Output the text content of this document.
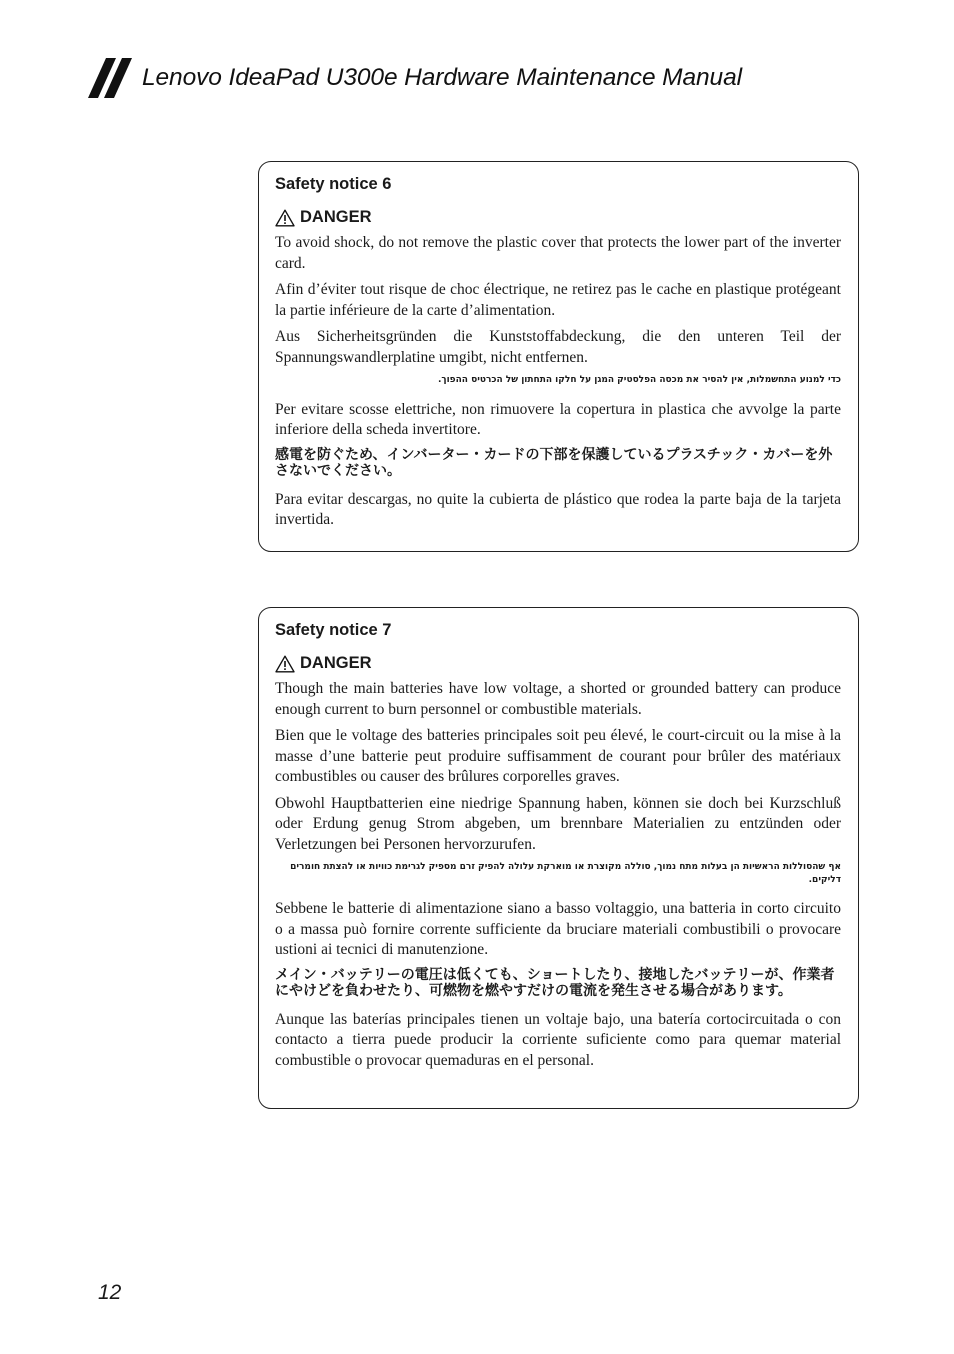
Lenovo IdeaPad U300e Hardware Maintenance Manual
Safety notice 6
DANGER

To avoid shock, do not remove the plastic cover that protects the lower part of the inverter card.

Afin d’éviter tout risque de choc électrique, ne retirez pas le cache en plastique protégeant la partie inférieure de la carte d’alimentation.

Aus Sicherheitsgründen die Kunststoffabdeckung, die den unteren Teil der Spannungswandlerplatine umgibt, nicht entfernen.

כדי למנוע התחשמלות, אין להסיר את מכסה הפלסטיק המגן על חלקו התחתון של הכרטיס ההפוך.

Per evitare scosse elettriche, non rimuovere la copertura in plastica che avvolge la parte inferiore della scheda invertitore.

感電を防ぐため、インバーター・カードの下部を保護しているプラスチック・カバーを外さないでください。

Para evitar descargas, no quite la cubierta de plástico que rodea la parte baja de la tarjeta invertida.

Safety notice 7
DANGER

Though the main batteries have low voltage, a shorted or grounded battery can produce enough current to burn personnel or combustible materials.

Bien que le voltage des batteries principales soit peu élevé, le court-circuit ou la mise à la masse d’une batterie peut produire suffisamment de courant pour brûler des matériaux combustibles ou causer des brûlures corporelles graves.

Obwohl Hauptbatterien eine niedrige Spannung haben, können sie doch bei Kurzschluß oder Erdung genug Strom abgeben, um brennbare Materialien zu entzünden oder Verletzungen bei Personen hervorzurufen.

אף שהסוללות הראשיות הן בעלות מתח נמוך, סוללה מקוצרת או מוארקת עלולה להפיק זרם מספיק לגרימת כוויות או להצתת חומרים דליקים.

Sebbene le batterie di alimentazione siano a basso voltaggio, una batteria in corto circuito o a massa può fornire corrente sufficiente da bruciare materiali combustibili o provocare ustioni ai tecnici di manutenzione.

メイン・バッテリーの電圧は低くても、ショートしたり、接地したバッテリーが、作業者にやけどを負わせたり、可燃物を燃やすだけの電流を発生させる場合があります。

Aunque las baterías principales tienen un voltaje bajo, una batería cortocircuitada o con contacto a tierra puede producir la corriente suficiente como para quemar material combustible o provocar quemaduras en el personal.

12
